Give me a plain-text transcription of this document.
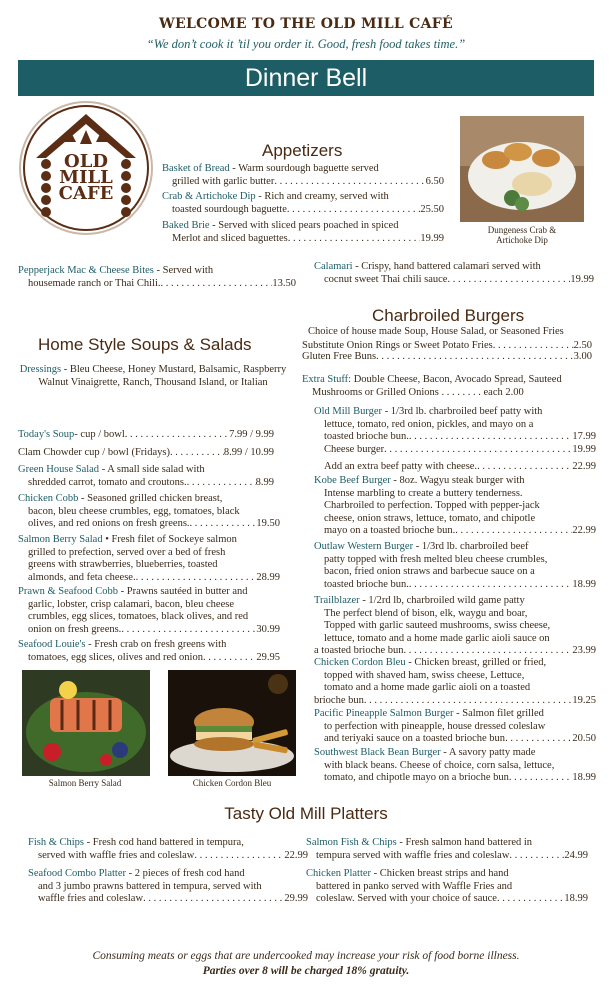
WELCOME TO THE OLD MILL CAFÉ
“We don’t cook it ’til you order it. Good, fresh food takes time.”
Dinner Bell
OLD
MILL
CAFE
Appetizers
Basket of Bread - Warm sourdough baguette served
grilled with garlic butter . . .	6.50
Crab & Artichoke Dip - Rich and creamy, served with
toasted sourdough baguette . . .	25.50
Baked Brie - Served with sliced pears poached in spiced
Merlot and sliced baguettes . . .	19.99
Dungeness Crab & Artichoke Dip
Pepperjack Mac & Cheese Bites - Served with
housemade ranch or Thai Chili. . . .	13.50
Calamari - Crispy, hand battered calamari served with
cocnut sweet Thai chili sauce . . .	19.99
Home Style Soups & Salads
Dressings - Bleu Cheese, Honey Mustard, Balsamic, Raspberry Walnut Vinaigrette, Ranch, Thousand Island, or Italian
Today's Soup - cup / bowl . . .	7.99 / 9.99
Clam Chowder cup / bowl (Fridays) . . .	8.99 / 10.99
Green House Salad - A small side salad with
shredded carrot, tomato and croutons. . . .	8.99
Chicken Cobb - Seasoned grilled chicken breast,
bacon, bleu cheese crumbles, egg, tomatoes, black
olives, and red onions on fresh greens. . . .	19.50
Salmon Berry Salad • Fresh filet of Sockeye salmon
grilled to prefection, served over a bed of fresh
greens with strawberries, blueberries, toasted
almonds, and feta cheese. . . .	28.99
Prawn & Seafood Cobb - Prawns sautéed in butter and
garlic, lobster, crisp calamari, bacon, bleu cheese
crumbles, egg slices, tomatoes, black olives, and red
onion on fresh greens. . . .	30.99
Seafood Louie's - Fresh crab on fresh greens with
tomatoes, egg slices, olives and red onion . . .	29.95
Salmon Berry Salad	Chicken Cordon Bleu
Charbroiled Burgers
Choice of house made Soup, House Salad, or Seasoned Fries
Substitute Onion Rings or Sweet Potato Fries . . .	2.50
Gluten Free Buns . . .	3.00
Extra Stuff: Double Cheese, Bacon, Avocado Spread, Sauteed
Mushrooms or Grilled Onions . . . . . . . . each 2.00
Old Mill Burger - 1/3rd lb. charbroiled beef patty with
lettuce, tomato, red onion, pickles, and mayo on a
toasted brioche bun. . . .	17.99
Cheese burger . . .	19.99
Add an extra beef patty with cheese. . . .	22.99
Kobe Beef Burger - 8oz. Wagyu steak burger with
Intense marbling to create a buttery tenderness.
Charbroiled to perfection. Topped with pepper-jack
cheese, onion straws, lettuce, tomato, and chipotle
mayo on a toasted brioche bun. . . .	22.99
Outlaw Western Burger - 1/3rd lb. charbroiled beef
patty topped with fresh melted bleu cheese crumbles,
bacon, fried onion straws and barbecue sauce on a
toasted brioche bun. . . .	18.99
Trailblazer - 1/2rd lb, charbroiled wild game patty
The perfect blend of bison, elk, waygu and boar,
Topped with garlic sauteed mushrooms, swiss cheese,
lettuce, tomato and a home made garlic aioli sauce on
a toasted brioche bun . . .	23.99
Chicken Cordon Bleu - Chicken breast, grilled or fried,
topped with shaved ham, swiss cheese, Lettuce,
tomato and a home made garlic aioli on a toasted
brioche bun . . .	19.25
Pacific Pineapple Salmon Burger - Salmon filet grilled
to perfection with pineapple, house dressed coleslaw
and teriyaki sauce on a toasted brioche bun . . .	20.50
Southwest Black Bean Burger - A savory patty made
with black beans. Cheese of choice, corn salsa, lettuce,
tomato, and chipotle mayo on a brioche bun . . .	18.99
Tasty Old Mill Platters
Fish & Chips - Fresh cod hand battered in tempura,
served with waffle fries and coleslaw . . .	22.99
Seafood Combo Platter - 2 pieces of fresh cod hand
and 3 jumbo prawns battered in tempura, served with
waffle fries and coleslaw . . .	29.99
Salmon Fish & Chips - Fresh salmon hand battered in
tempura served with waffle fries and coleslaw . . .	24.99
Chicken Platter - Chicken breast strips and hand
battered in panko served with Waffle Fries and
coleslaw. Served with your choice of sauce . . .	18.99
Consuming meats or eggs that are undercooked may increase your risk of food borne illness.
Parties over 8 will be charged 18% gratuity.
